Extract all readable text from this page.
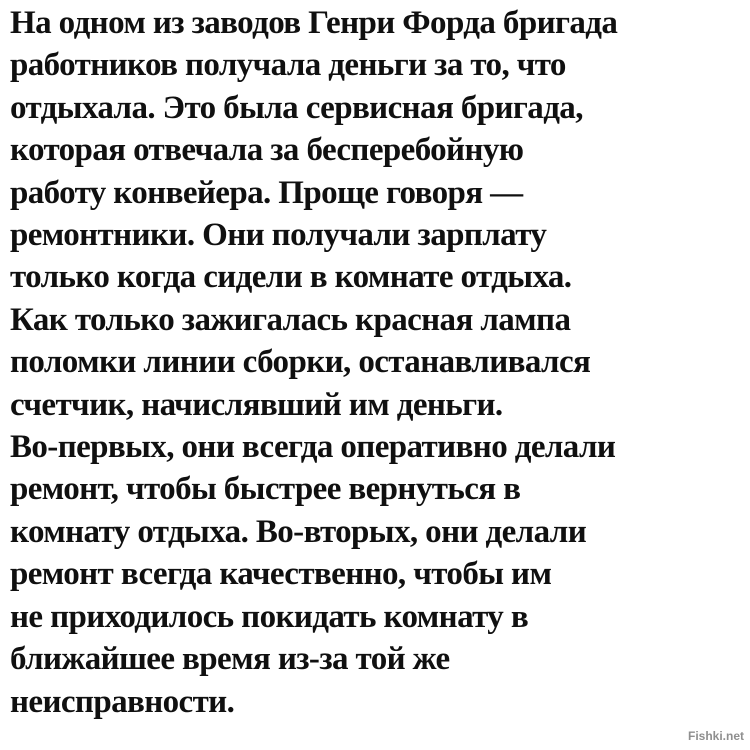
На одном из заводов Генри Форда бригада
работников получала деньги за то, что
отдыхала. Это была сервисная бригада,
которая отвечала за бесперебойную
работу конвейера. Проще говоря —
ремонтники. Они получали зарплату
только когда сидели в комнате отдыха.
Как только зажигалась красная лампа
поломки линии сборки, останавливался
счетчик, начислявший им деньги.
Во-первых, они всегда оперативно делали
ремонт, чтобы быстрее вернуться в
комнату отдыха. Во-вторых, они делали
ремонт всегда качественно, чтобы им
не приходилось покидать комнату в
ближайшее время из-за той же
неисправности.
Fishki.net
